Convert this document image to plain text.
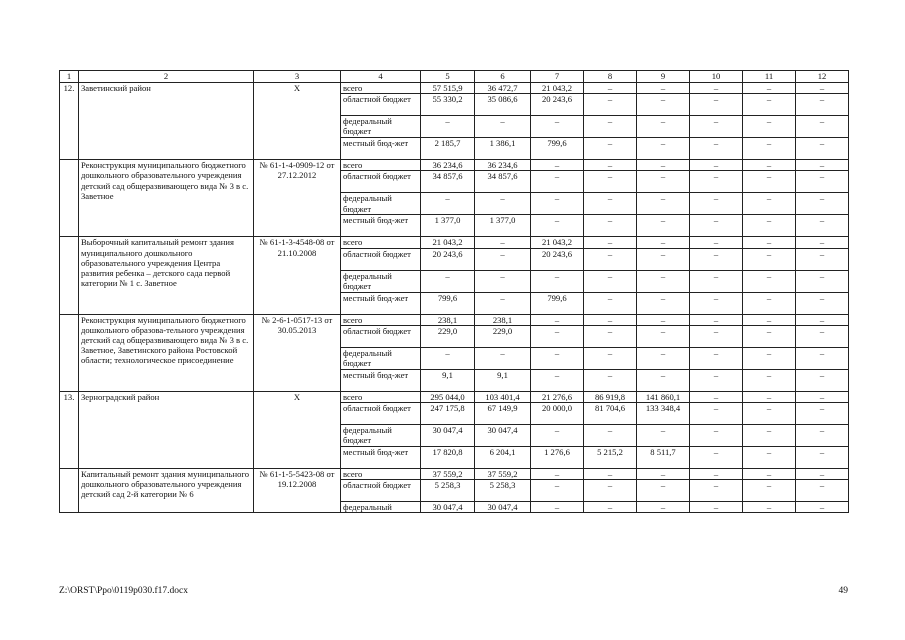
1	2	3	4	5	6	7	8	9	10	11	12
12.	Заветинский район	Х	всего	57 515,9	36 472,7	21 043,2	–	–	–	–	–
			областной бюджет	55 330,2	35 086,6	20 243,6	–	–	–	–	–
			федеральный бюджет	–	–	–	–	–	–	–	–
			местный бюд-жет	2 185,7	1 386,1	799,6	–	–	–	–	–
	Реконструкция муниципального бюджетного дошкольного образовательного учреждения детский сад общеразвивающего вида № 3 в с. Заветное	№ 61-1-4-0909-12 от 27.12.2012	всего	36 234,6	36 234,6	–	–	–	–	–	–
			областной бюджет	34 857,6	34 857,6	–	–	–	–	–	–
			федеральный бюджет	–	–	–	–	–	–	–	–
			местный бюд-жет	1 377,0	1 377,0	–	–	–	–	–	–
	Выборочный капитальный ремонт здания муниципального дошкольного образовательного учреждения Центра развития ребенка – детского сада первой категории № 1 с. Заветное	№ 61-1-3-4548-08 от 21.10.2008	всего	21 043,2	–	21 043,2	–	–	–	–	–
			областной бюджет	20 243,6	–	20 243,6	–	–	–	–	–
			федеральный бюджет	–	–	–	–	–	–	–	–
			местный бюд-жет	799,6	–	799,6	–	–	–	–	–
	Реконструкция муниципального бюджетного дошкольного образова-тельного учреждения детский сад общеразвивающего вида № 3 в с. Заветное, Заветинского района Ростовской области; технологическое присоединение	№ 2-6-1-0517-13 от 30.05.2013	всего	238,1	238,1	–	–	–	–	–	–
			областной бюджет	229,0	229,0	–	–	–	–	–	–
			федеральный бюджет	–	–	–	–	–	–	–	–
			местный бюд-жет	9,1	9,1	–	–	–	–	–	–
13.	Зерноградский район	Х	всего	295 044,0	103 401,4	21 276,6	86 919,8	141 860,1	–	–	–
			областной бюджет	247 175,8	67 149,9	20 000,0	81 704,6	133 348,4	–	–	–
			федеральный бюджет	30 047,4	30 047,4	–	–	–	–	–	–
			местный бюд-жет	17 820,8	6 204,1	1 276,6	5 215,2	8 511,7	–	–	–
	Капитальный ремонт здания муниципального дошкольного образовательного учреждения детский сад 2-й категории № 6	№ 61-1-5-5423-08 от 19.12.2008	всего	37 559,2	37 559,2	–	–	–	–	–	–
			областной бюджет	5 258,3	5 258,3	–	–	–	–	–	–
			федеральный	30 047,4	30 047,4	–	–	–	–	–	–
Z:\ORST\Ppo\0119p030.f17.docx	49
